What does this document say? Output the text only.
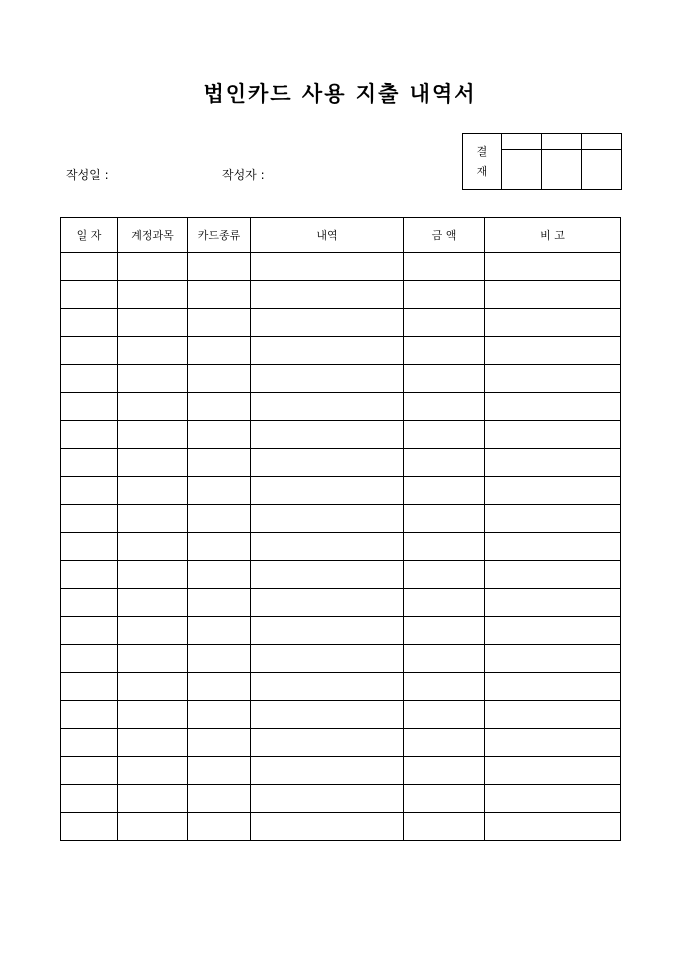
법인카드 사용 지출 내역서
작성일 :	작성자 :
결
재			

일 자	계정과목	카드종류	내역	금 액	비 고
